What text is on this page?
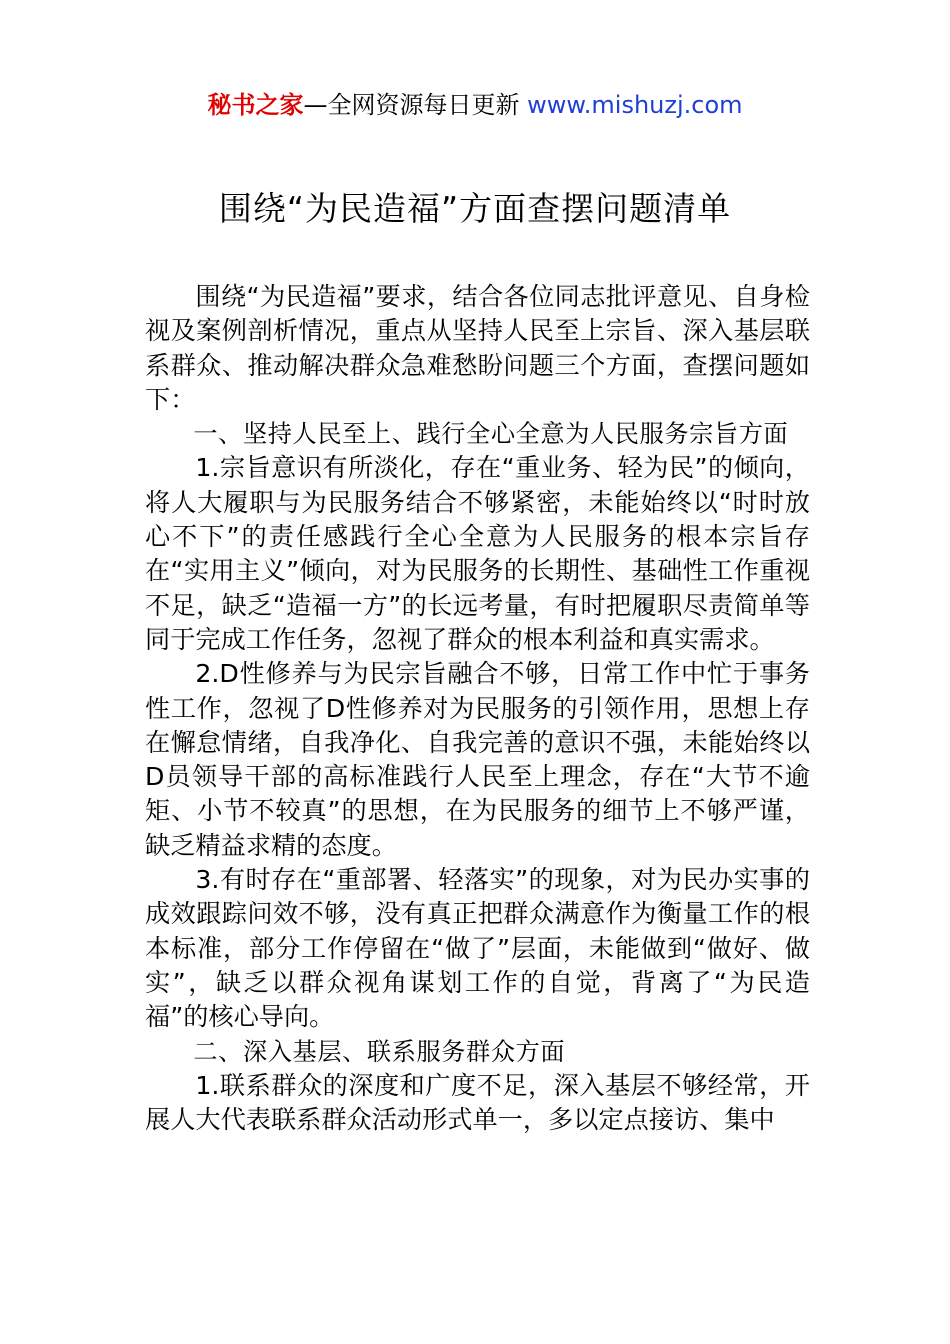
秘书之家—全网资源每日更新 www.mishuzj.com
围绕“为民造福”方面查摆问题清单

围绕“为民造福”要求，结合各位同志批评意见、自身检视及案例剖析情况，重点从坚持人民至上宗旨、深入基层联系群众、推动解决群众急难愁盼问题三个方面，查摆问题如下：

一、坚持人民至上、践行全心全意为人民服务宗旨方面

1.宗旨意识有所淡化，存在“重业务、轻为民”的倾向，将人大履职与为民服务结合不够紧密，未能始终以“时时放心不下”的责任感践行全心全意为人民服务的根本宗旨存在“实用主义”倾向，对为民服务的长期性、基础性工作重视不足，缺乏“造福一方”的长远考量，有时把履职尽责简单等同于完成工作任务，忽视了群众的根本利益和真实需求。

2.D性修养与为民宗旨融合不够，日常工作中忙于事务性工作，忽视了D性修养对为民服务的引领作用，思想上存在懈怠情绪，自我净化、自我完善的意识不强，未能始终以D员领导干部的高标准践行人民至上理念，存在“大节不逾矩、小节不较真”的思想，在为民服务的细节上不够严谨，缺乏精益求精的态度。

3.有时存在“重部署、轻落实”的现象，对为民办实事的成效跟踪问效不够，没有真正把群众满意作为衡量工作的根本标准，部分工作停留在“做了”层面，未能做到“做好、做实”，缺乏以群众视角谋划工作的自觉，背离了“为民造福”的核心导向。

二、深入基层、联系服务群众方面

1.联系群众的深度和广度不足，深入基层不够经常，开展人大代表联系群众活动形式单一，多以定点接访、集中
